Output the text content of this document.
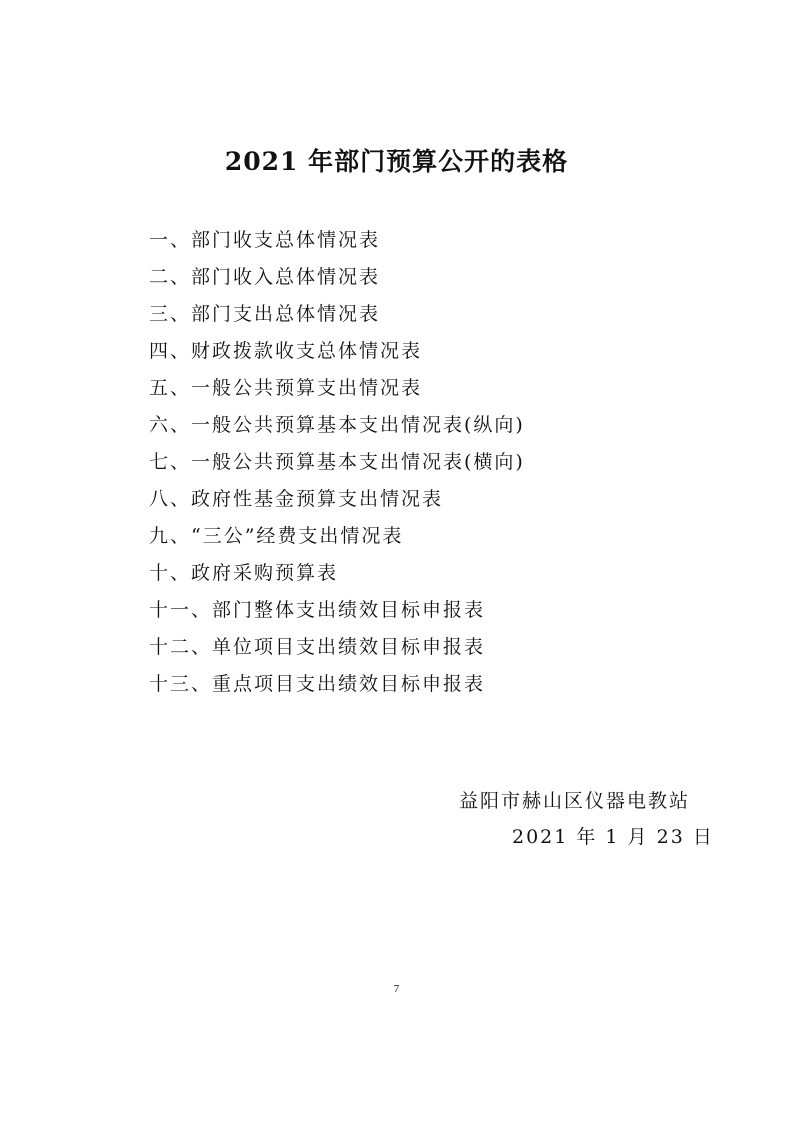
2021 年部门预算公开的表格
一、部门收支总体情况表
二、部门收入总体情况表
三、部门支出总体情况表
四、财政拨款收支总体情况表
五、一般公共预算支出情况表
六、一般公共预算基本支出情况表(纵向)
七、一般公共预算基本支出情况表(横向)
八、政府性基金预算支出情况表
九、“三公”经费支出情况表
十、政府采购预算表
十一、部门整体支出绩效目标申报表
十二、单位项目支出绩效目标申报表
十三、重点项目支出绩效目标申报表
益阳市赫山区仪器电教站
2021 年 1 月 23 日
7
